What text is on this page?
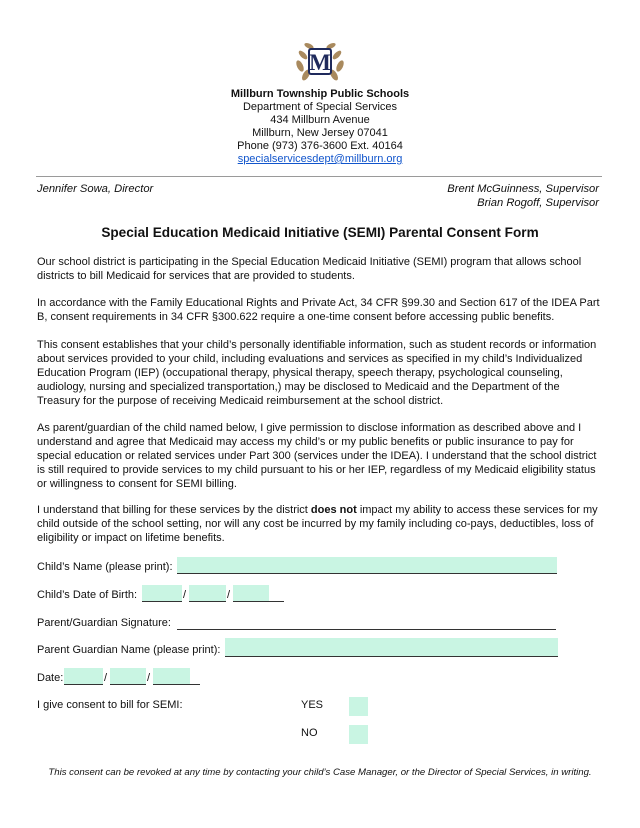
M
Millburn Township Public Schools
Department of Special Services
434 Millburn Avenue
Millburn, New Jersey 07041
Phone (973) 376-3600 Ext. 40164
specialservicesdept@millburn.org
Jennifer Sowa, Director	Brent McGuinness, Supervisor
Brian Rogoff, Supervisor
Special Education Medicaid Initiative (SEMI) Parental Consent Form
Our school district is participating in the Special Education Medicaid Initiative (SEMI) program that allows school districts to bill Medicaid for services that are provided to students.
In accordance with the Family Educational Rights and Private Act, 34 CFR §99.30 and Section 617 of the IDEA Part B, consent requirements in 34 CFR §300.622 require a one-time consent before accessing public benefits.
This consent establishes that your child’s personally identifiable information, such as student records or information about services provided to your child, including evaluations and services as specified in my child’s Individualized Education Program (IEP) (occupational therapy, physical therapy, speech therapy, psychological counseling, audiology, nursing and specialized transportation,) may be disclosed to Medicaid and the Department of the Treasury for the purpose of receiving Medicaid reimbursement at the school district.
As parent/guardian of the child named below, I give permission to disclose information as described above and I understand and agree that Medicaid may access my child’s or my public benefits or public insurance to pay for special education or related services under Part 300 (services under the IDEA). I understand that the school district is still required to provide services to my child pursuant to his or her IEP, regardless of my Medicaid eligibility status or willingness to consent for SEMI billing.
I understand that billing for these services by the district does not impact my ability to access these services for my child outside of the school setting, nor will any cost be incurred by my family including co-pays, deductibles, loss of eligibility or impact on lifetime benefits.
Child’s Name (please print):
Child’s Date of Birth:	/	/
Parent/Guardian Signature:
Parent Guardian Name (please print):
Date:	/	/
I give consent to bill for SEMI:	YES
NO
This consent can be revoked at any time by contacting your child’s Case Manager, or the Director of Special Services, in writing.
